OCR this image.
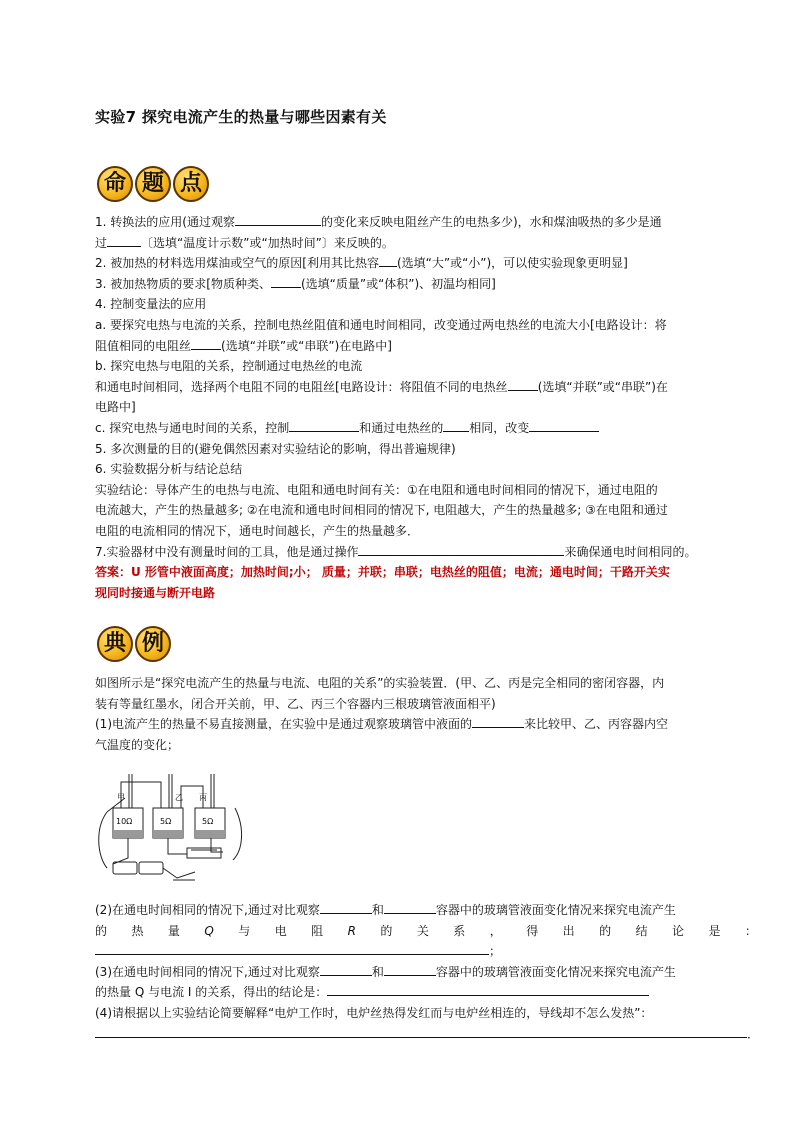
实验7 探究电流产生的热量与哪些因素有关
命 题 点

1. 转换法的应用(通过观察	的变化来反映电阻丝产生的电热多少)，水和煤油吸热的多少是通

过	〔选填“温度计示数”或“加热时间”〕来反映的。

2. 被加热的材料选用煤油或空气的原因[利用其比热容 (选填“大”或“小”)，可以使实验现象更明显]

3. 被加热物质的要求[物质种类、	(选填“质量”或“体积”)、初温均相同]

4. 控制变量法的应用

a. 要探究电热与电流的关系，控制电热丝阻值和通电时间相同，改变通过两电热丝的电流大小[电路设计：将

阻值相同的电阻丝	(选填“并联”或“串联”)在电路中]

b. 探究电热与电阻的关系，控制通过电热丝的电流

和通电时间相同，选择两个电阻不同的电阻丝[电路设计：将阻值不同的电热丝	(选填“并联”或“串联”)在

电路中]

c. 探究电热与通电时间的关系，控制	和通过电热丝的 相同，改变

5. 多次测量的目的(避免偶然因素对实验结论的影响，得出普遍规律)

6. 实验数据分析与结论总结

实验结论：导体产生的电热与电流、电阻和通电时间有关：①在电阻和通电时间相同的情况下，通过电阻的

电流越大，产生的热量越多; ②在电流和通电时间相同的情况下, 电阻越大，产生的热量越多; ③在电阻和通过

电阻的电流相同的情况下，通电时间越长，产生的热量越多．

7.实验器材中没有测量时间的工具，他是通过操作	来确保通电时间相同的。

答案：U 形管中液面高度；加热时间;小； 质量；并联；串联；电热丝的阻值；电流；通电时间；干路开关实

现同时接通与断开电路

典 例

如图所示是“探究电流产生的热量与电流、电阻的关系”的实验装置．(甲、乙、丙是完全相同的密闭容器，内

装有等量红墨水，闭合开关前，甲、乙、丙三个容器内三根玻璃管液面相平)

(1)电流产生的热量不易直接测量，在实验中是通过观察玻璃管中液面的	来比较甲、乙、丙容器内空

气温度的变化；

甲	乙 丙
10Ω	5Ω	5Ω

(2)在通电时间相同的情况下,通过对比观察	和	容器中的玻璃管液面变化情况来探究电流产生

的 热 量 Q 与 电 阻 R 的 关 系 ， 得 出 的 结 论 是 ：

；

(3)在通电时间相同的情况下,通过对比观察	和	容器中的玻璃管液面变化情况来探究电流产生

的热量 Q 与电流 I 的关系，得出的结论是：

(4)请根据以上实验结论简要解释“电炉工作时，电炉丝热得发红而与电炉丝相连的，导线却不怎么发热”：

．
